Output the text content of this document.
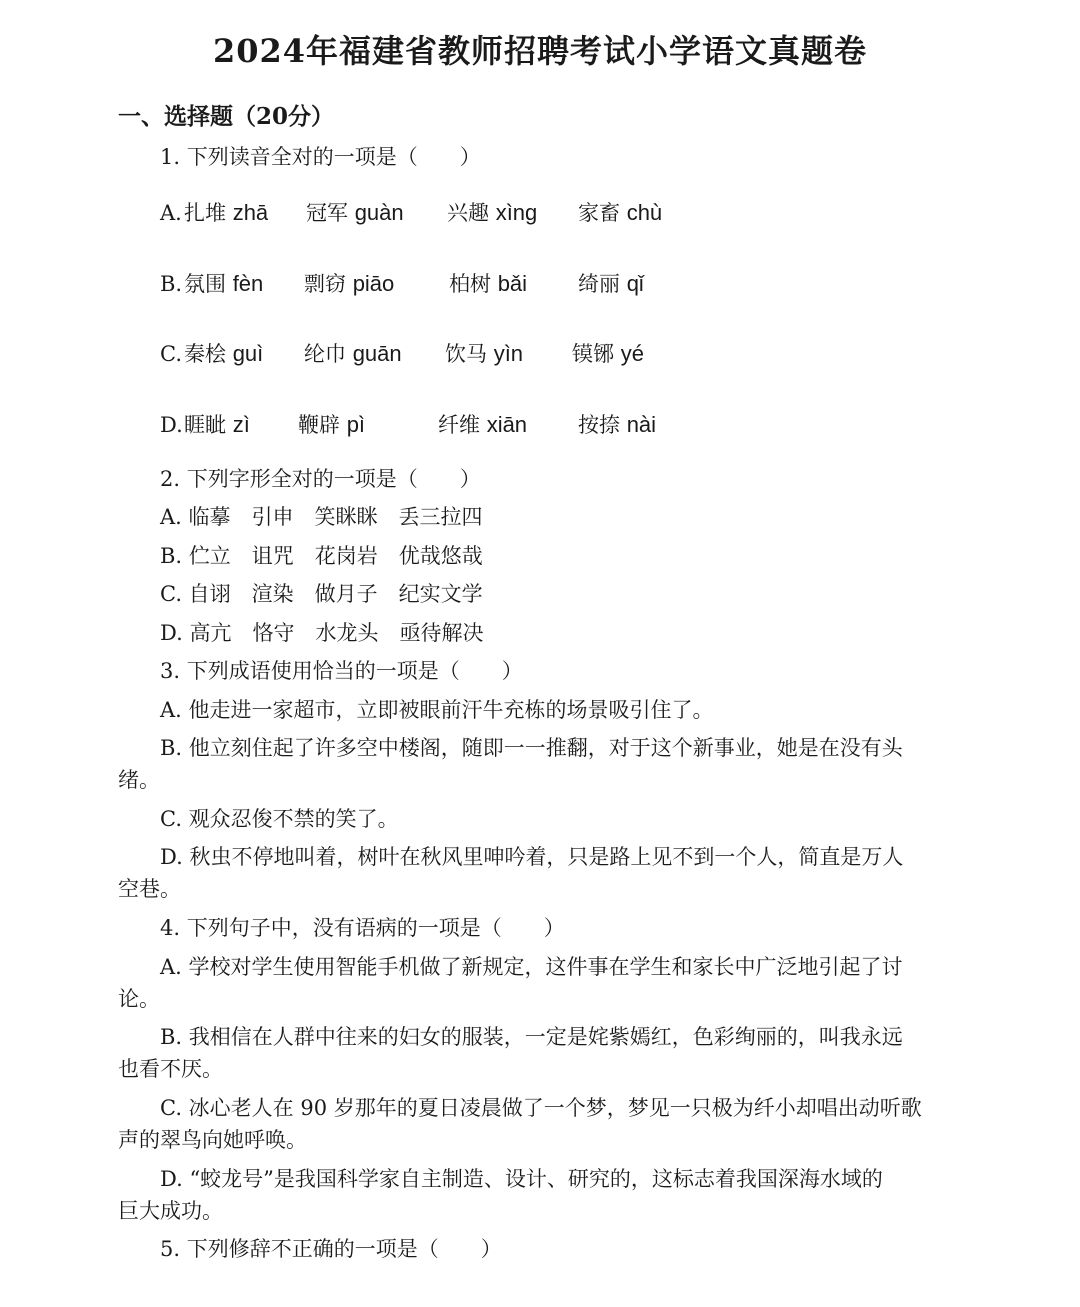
2024年福建省教师招聘考试小学语文真题卷
一、选择题（20分）
1. 下列读音全对的一项是（　　）
A. 扎堆 zhā 冠军 guàn 兴趣 xìng 家畜 chù
B. 氛围 fèn 剽窃 piāo	柏树 bǎi 绮丽 qǐ
C. 秦桧 guì 纶巾 guān 饮马 yìn 镆铘 yé
D. 睚眦 zì 鞭辟 pì	纤维 xiān 按捺 nài
2. 下列字形全对的一项是（　　）
A. 临摹　引申　笑眯眯　丢三拉四
B. 伫立　诅咒　花岗岩　优哉悠哉
C. 自诩　渲染　做月子　纪实文学
D. 高亢　恪守　水龙头　亟待解决
3. 下列成语使用恰当的一项是（　　）
A. 他走进一家超市，立即被眼前汗牛充栋的场景吸引住了。
B. 他立刻住起了许多空中楼阁，随即一一推翻，对于这个新事业，她是在没有头
绪。
C. 观众忍俊不禁的笑了。
D. 秋虫不停地叫着，树叶在秋风里呻吟着，只是路上见不到一个人，简直是万人
空巷。
4. 下列句子中，没有语病的一项是（　　）
A. 学校对学生使用智能手机做了新规定，这件事在学生和家长中广泛地引起了讨
论。
B. 我相信在人群中往来的妇女的服装，一定是姹紫嫣红，色彩绚丽的，叫我永远
也看不厌。
C. 冰心老人在 90 岁那年的夏日凌晨做了一个梦，梦见一只极为纤小却唱出动听歌
声的翠鸟向她呼唤。
D. “蛟龙号”是我国科学家自主制造、设计、研究的，这标志着我国深海水域的
巨大成功。
5. 下列修辞不正确的一项是（　　）
